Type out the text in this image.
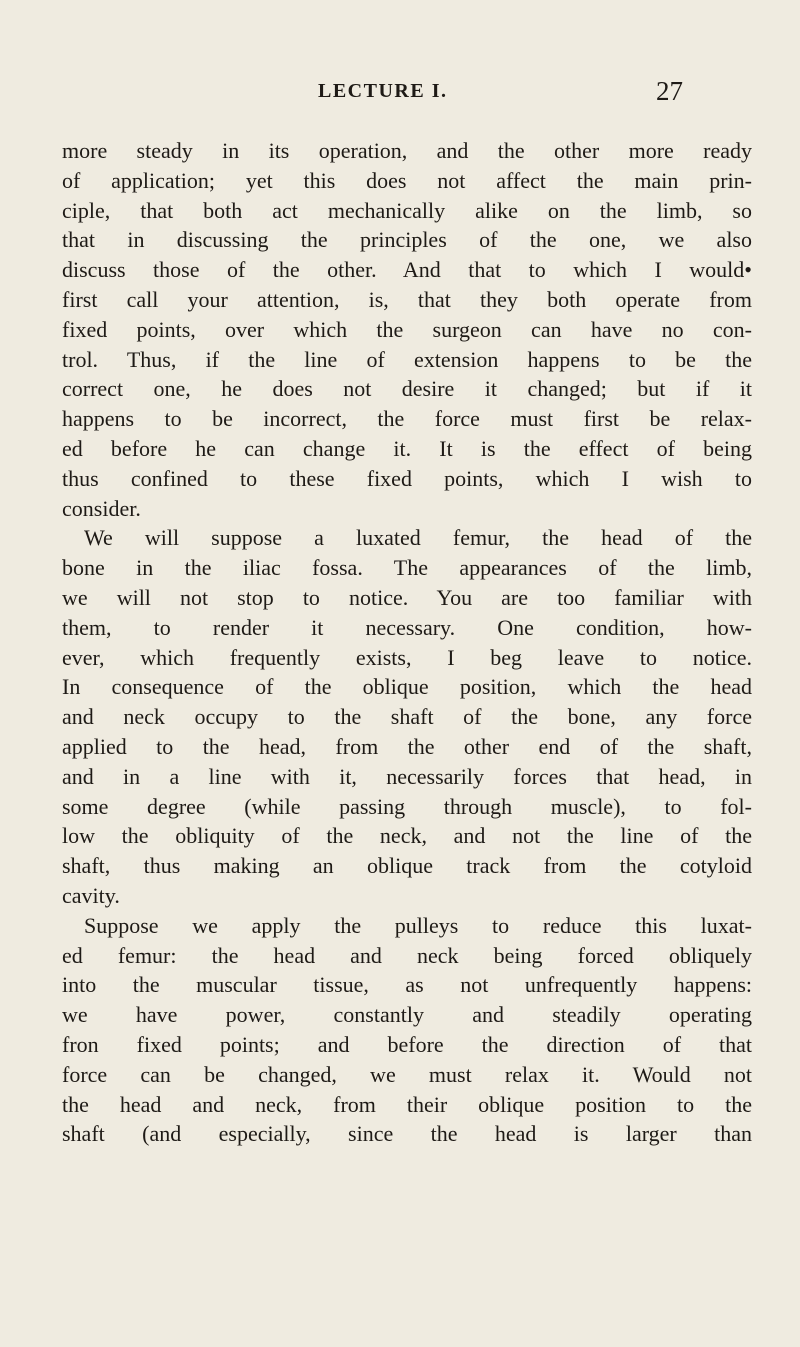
LECTURE I.	27
more steady in its operation, and the other more ready
of application; yet this does not affect the main prin-
ciple, that both act mechanically alike on the limb, so
that in discussing the principles of the one, we also
discuss those of the other. And that to which I would•
first call your attention, is, that they both operate from
fixed points, over which the surgeon can have no con-
trol. Thus, if the line of extension happens to be the
correct one, he does not desire it changed; but if it
happens to be incorrect, the force must first be relax-
ed before he can change it. It is the effect of being
thus confined to these fixed points, which I wish to
consider.
We will suppose a luxated femur, the head of the
bone in the iliac fossa. The appearances of the limb,
we will not stop to notice. You are too familiar with
them, to render it necessary. One condition, how-
ever, which frequently exists, I beg leave to notice.
In consequence of the oblique position, which the head
and neck occupy to the shaft of the bone, any force
applied to the head, from the other end of the shaft,
and in a line with it, necessarily forces that head, in
some degree (while passing through muscle), to fol-
low the obliquity of the neck, and not the line of the
shaft, thus making an oblique track from the cotyloid
cavity.
Suppose we apply the pulleys to reduce this luxat-
ed femur: the head and neck being forced obliquely
into the muscular tissue, as not unfrequently happens:
we have power, constantly and steadily operating
fron fixed points; and before the direction of that
force can be changed, we must relax it. Would not
the head and neck, from their oblique position to the
shaft (and especially, since the head is larger than
